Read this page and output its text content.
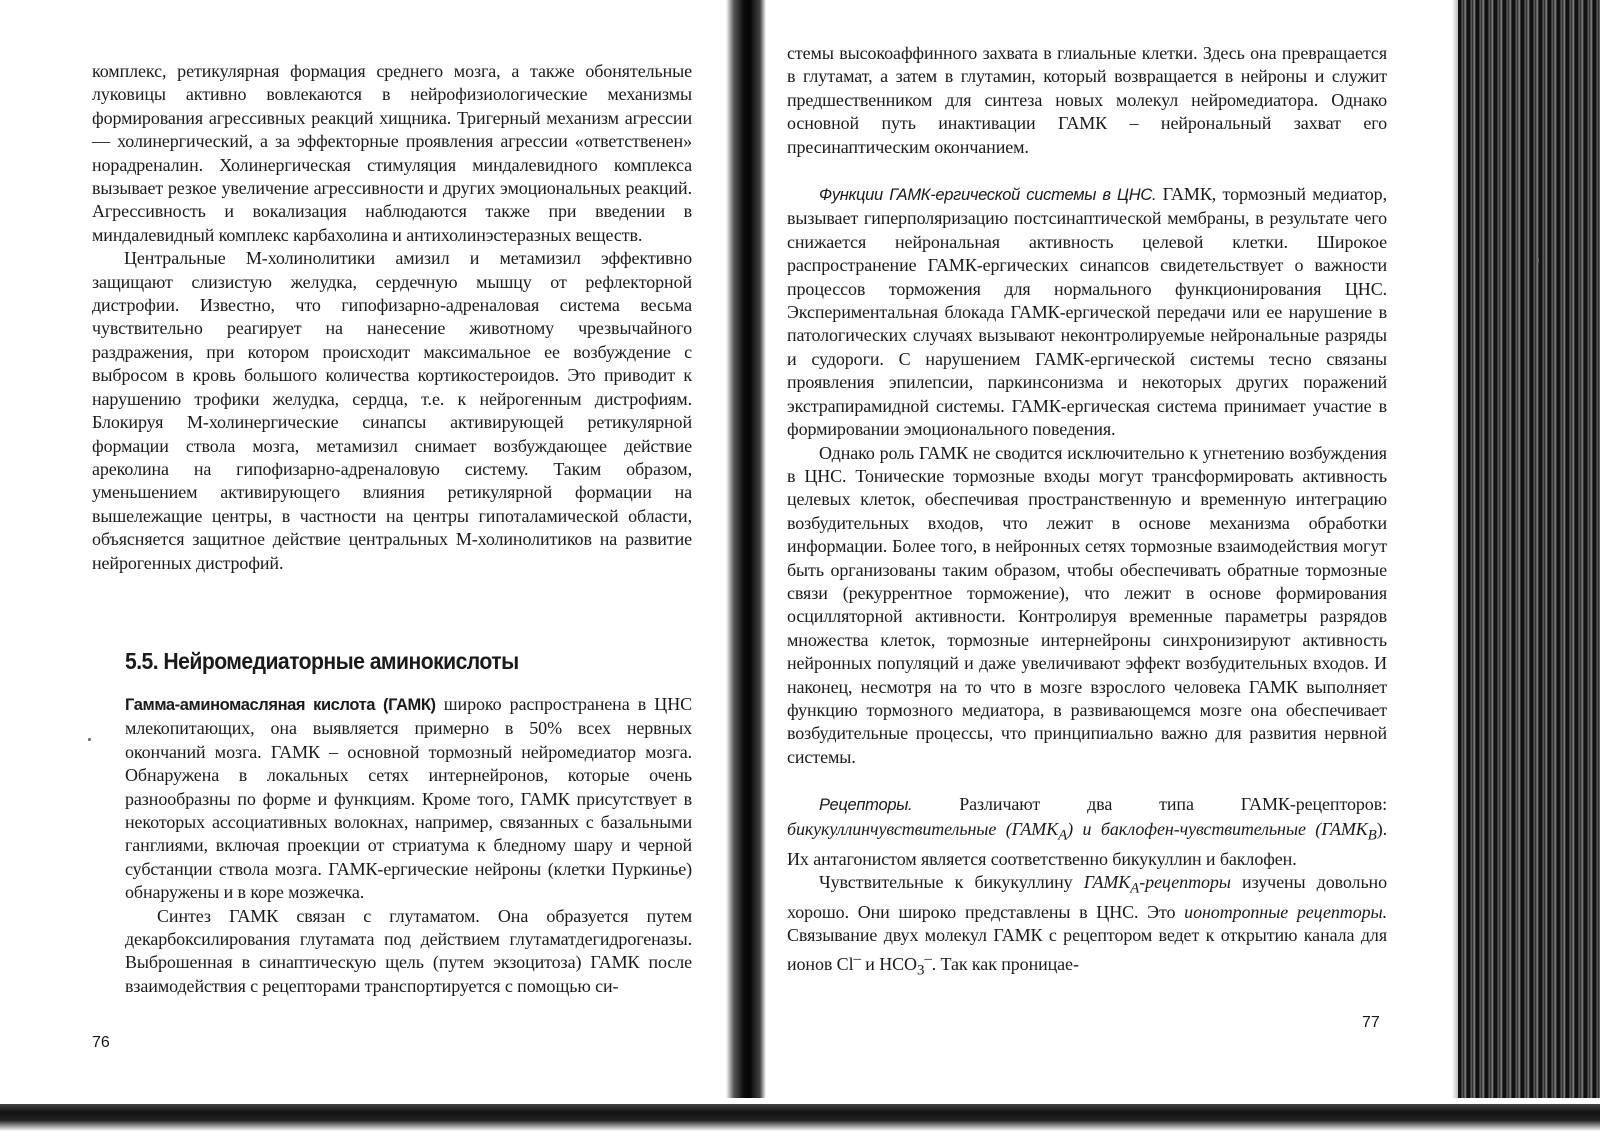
комплекс, ретикулярная формация среднего мозга, а также обонятельные луковицы активно вовлекаются в нейрофизиологические механизмы формирования агрессивных реакций хищника. Тригерный механизм агрессии — холинергический, а за эффекторные проявления агрессии «ответственен» норадреналин. Холинергическая стимуляция миндалевидного комплекса вызывает резкое увеличение агрессивности и других эмоциональных реакций. Агрессивность и вокализация наблюдаются также при введении в миндалевидный комплекс карбахолина и антихолинэстеразных веществ.

Центральные М-холинолитики амизил и метамизил эффективно защищают слизистую желудка, сердечную мышцу от рефлекторной дистрофии. Известно, что гипофизарно-адреналовая система весьма чувствительно реагирует на нанесение животному чрезвычайного раздражения, при котором происходит максимальное ее возбуждение с выбросом в кровь большого количества кортикостероидов. Это приводит к нарушению трофики желудка, сердца, т.е. к нейрогенным дистрофиям. Блокируя М-холинергические синапсы активирующей ретикулярной формации ствола мозга, метамизил снимает возбуждающее действие ареколина на гипофизарно-адреналовую систему. Таким образом, уменьшением активирующего влияния ретикулярной формации на вышележащие центры, в частности на центры гипоталамической области, объясняется защитное действие центральных М-холинолитиков на развитие нейрогенных дистрофий.

5.5. Нейромедиаторные аминокислоты

Гамма-аминомасляная кислота (ГАМК) широко распространена в ЦНС млекопитающих, она выявляется примерно в 50% всех нервных окончаний мозга. ГАМК – основной тормозный нейромедиатор мозга. Обнаружена в локальных сетях интернейронов, которые очень разнообразны по форме и функциям. Кроме того, ГАМК присутствует в некоторых ассоциативных волокнах, например, связанных с базальными ганглиями, включая проекции от стриатума к бледному шару и черной субстанции ствола мозга. ГАМК-ергические нейроны (клетки Пуркинье) обнаружены и в коре мозжечка.

Синтез ГАМК связан с глутаматом. Она образуется путем декарбоксилирования глутамата под действием глутаматдегидрогеназы. Выброшенная в синаптическую щель (путем экзоцитоза) ГАМК после взаимодействия с рецепторами транспортируется с помощью си-

76
77

стемы высокоаффинного захвата в глиальные клетки. Здесь она превращается в глутамат, а затем в глутамин, который возвращается в нейроны и служит предшественником для синтеза новых молекул нейромедиатора. Однако основной путь инактивации ГАМК – нейрональный захват его пресинаптическим окончанием.

Функции ГАМК-ергической системы в ЦНС. ГАМК, тормозный медиатор, вызывает гиперполяризацию постсинаптической мембраны, в результате чего снижается нейрональная активность целевой клетки. Широкое распространение ГАМК-ергических синапсов свидетельствует о важности процессов торможения для нормального функционирования ЦНС. Экспериментальная блокада ГАМК-ергической передачи или ее нарушение в патологических случаях вызывают неконтролируемые нейрональные разряды и судороги. С нарушением ГАМК-ергической системы тесно связаны проявления эпилепсии, паркинсонизма и некоторых других поражений экстрапирамидной системы. ГАМК-ергическая система принимает участие в формировании эмоционального поведения.

Однако роль ГАМК не сводится исключительно к угнетению возбуждения в ЦНС. Тонические тормозные входы могут трансформировать активность целевых клеток, обеспечивая пространственную и временную интеграцию возбудительных входов, что лежит в основе механизма обработки информации. Более того, в нейронных сетях тормозные взаимодействия могут быть организованы таким образом, чтобы обеспечивать обратные тормозные связи (рекуррентное торможение), что лежит в основе формирования осцилляторной активности. Контролируя временные параметры разрядов множества клеток, тормозные интернейроны синхронизируют активность нейронных популяций и даже увеличивают эффект возбудительных входов. И наконец, несмотря на то что в мозге взрослого человека ГАМК выполняет функцию тормозного медиатора, в развивающемся мозге она обеспечивает возбудительные процессы, что принципиально важно для развития нервной системы.

Рецепторы. Различают два типа ГАМК-рецепторов: бикукуллинчувствительные $(ГАМК_A)$ и баклофен-чувствительные $(ГАМК_B)$. Их антагонистом является соответственно бикукуллин и баклофен.

Чувствительные к бикукуллину $ГАМК_A$-рецепторы изучены довольно хорошо. Они широко представлены в ЦНС. Это ионотропные рецепторы. Связывание двух молекул ГАМК с рецептором ведет к открытию канала для ионов Cl– и $HCO_3^-$. Так как проницае-
